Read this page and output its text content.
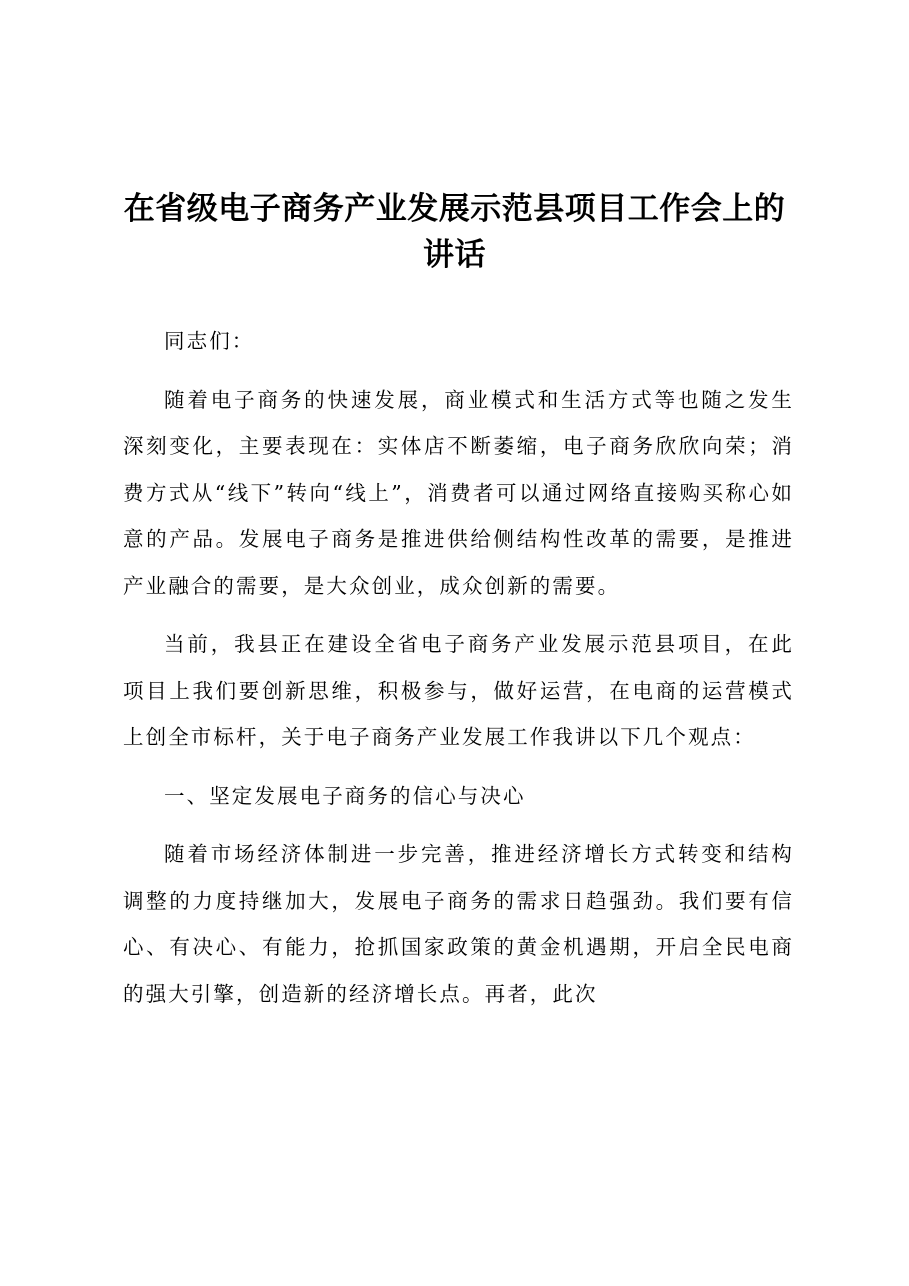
在省级电子商务产业发展示范县项目工作会上的讲话

同志们：

随着电子商务的快速发展，商业模式和生活方式等也随之发生深刻变化，主要表现在：实体店不断萎缩，电子商务欣欣向荣；消费方式从“线下”转向“线上”，消费者可以通过网络直接购买称心如意的产品。发展电子商务是推进供给侧结构性改革的需要，是推进产业融合的需要，是大众创业，成众创新的需要。

当前，我县正在建设全省电子商务产业发展示范县项目，在此项目上我们要创新思维，积极参与，做好运营，在电商的运营模式上创全市标杆，关于电子商务产业发展工作我讲以下几个观点：

一、坚定发展电子商务的信心与决心

随着市场经济体制进一步完善，推进经济增长方式转变和结构调整的力度持继加大，发展电子商务的需求日趋强劲。我们要有信心、有决心、有能力，抢抓国家政策的黄金机遇期，开启全民电商的强大引擎，创造新的经济增长点。再者，此次
